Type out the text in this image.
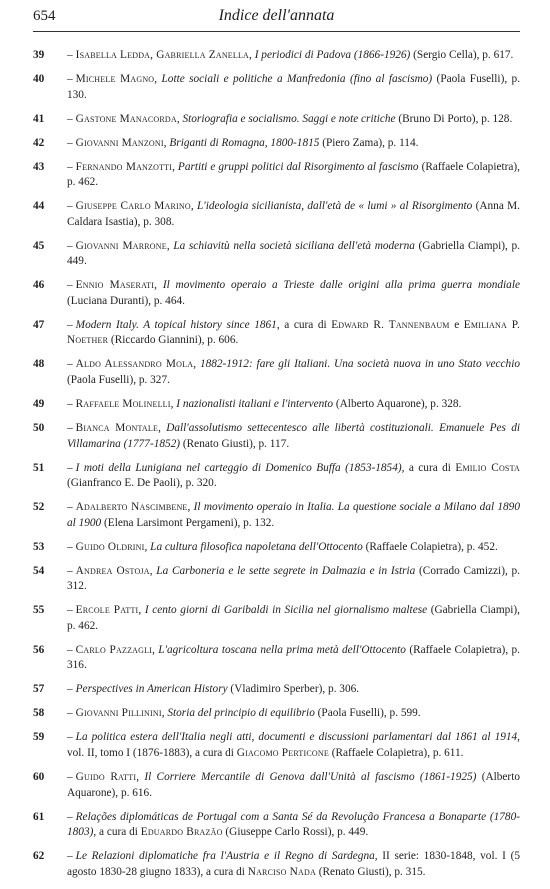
654	Indice dell'annata
39	– Isabella Ledda, Gabriella Zanella, I periodici di Padova (1866-1926) (Sergio Cella), p. 617.
40	– Michele Magno, Lotte sociali e politiche a Manfredonia (fino al fascismo) (Paola Fuselli), p. 130.
41	– Gastone Manacorda, Storiografia e socialismo. Saggi e note critiche (Bruno Di Porto), p. 128.
42	– Giovanni Manzoni, Briganti di Romagna, 1800-1815 (Piero Zama), p. 114.
43	– Fernando Manzotti, Partiti e gruppi politici dal Risorgimento al fascismo (Raffaele Colapietra), p. 462.
44	– Giuseppe Carlo Marino, L'ideologia sicilianista, dall'età de « lumi » al Risorgimento (Anna M. Caldara Isastia), p. 308.
45	– Giovanni Marrone, La schiavitù nella società siciliana dell'età moderna (Gabriella Ciampi), p. 449.
46	– Ennio Maserati, Il movimento operaio a Trieste dalle origini alla prima guerra mondiale (Luciana Duranti), p. 464.
47	– Modern Italy. A topical history since 1861, a cura di Edward R. Tannenbaum e Emiliana P. Noether (Riccardo Giannini), p. 606.
48	– Aldo Alessandro Mola, 1882-1912: fare gli Italiani. Una società nuova in uno Stato vecchio (Paola Fuselli), p. 327.
49	– Raffaele Molinelli, I nazionalisti italiani e l'intervento (Alberto Aquarone), p. 328.
50	– Bianca Montale, Dall'assolutismo settecentesco alle libertà costituzionali. Emanuele Pes di Villamarina (1777-1852) (Renato Giusti), p. 117.
51	– I moti della Lunigiana nel carteggio di Domenico Buffa (1853-1854), a cura di Emilio Costa (Gianfranco E. De Paoli), p. 320.
52	– Adalberto Nascimbene, Il movimento operaio in Italia. La questione sociale a Milano dal 1890 al 1900 (Elena Larsimont Pergameni), p. 132.
53	– Guido Oldrini, La cultura filosofica napoletana dell'Ottocento (Raffaele Colapietra), p. 452.
54	– Andrea Ostoja, La Carboneria e le sette segrete in Dalmazia e in Istria (Corrado Camizzi), p. 312.
55	– Ercole Patti, I cento giorni di Garibaldi in Sicilia nel giornalismo maltese (Gabriella Ciampi), p. 462.
56	– Carlo Pazzagli, L'agricoltura toscana nella prima metà dell'Ottocento (Raffaele Colapietra), p. 316.
57	– Perspectives in American History (Vladimiro Sperber), p. 306.
58	– Giovanni Pillinini, Storia del principio di equilibrio (Paola Fuselli), p. 599.
59	– La politica estera dell'Italia negli atti, documenti e discussioni parlamentari dal 1861 al 1914, vol. II, tomo I (1876-1883), a cura di Giacomo Perticone (Raffaele Colapietra), p. 611.
60	– Guido Ratti, Il Corriere Mercantile di Genova dall'Unità al fascismo (1861-1925) (Alberto Aquarone), p. 616.
61	– Relações diplomáticas de Portugal com a Santa Sé da Revolução Francesa a Bonaparte (1780-1803), a cura di Eduardo Brazão (Giuseppe Carlo Rossi), p. 449.
62	– Le Relazioni diplomatiche fra l'Austria e il Regno di Sardegna, II serie: 1830-1848, vol. I (5 agosto 1830-28 giugno 1833), a cura di Narciso Nada (Renato Giusti), p. 315.
